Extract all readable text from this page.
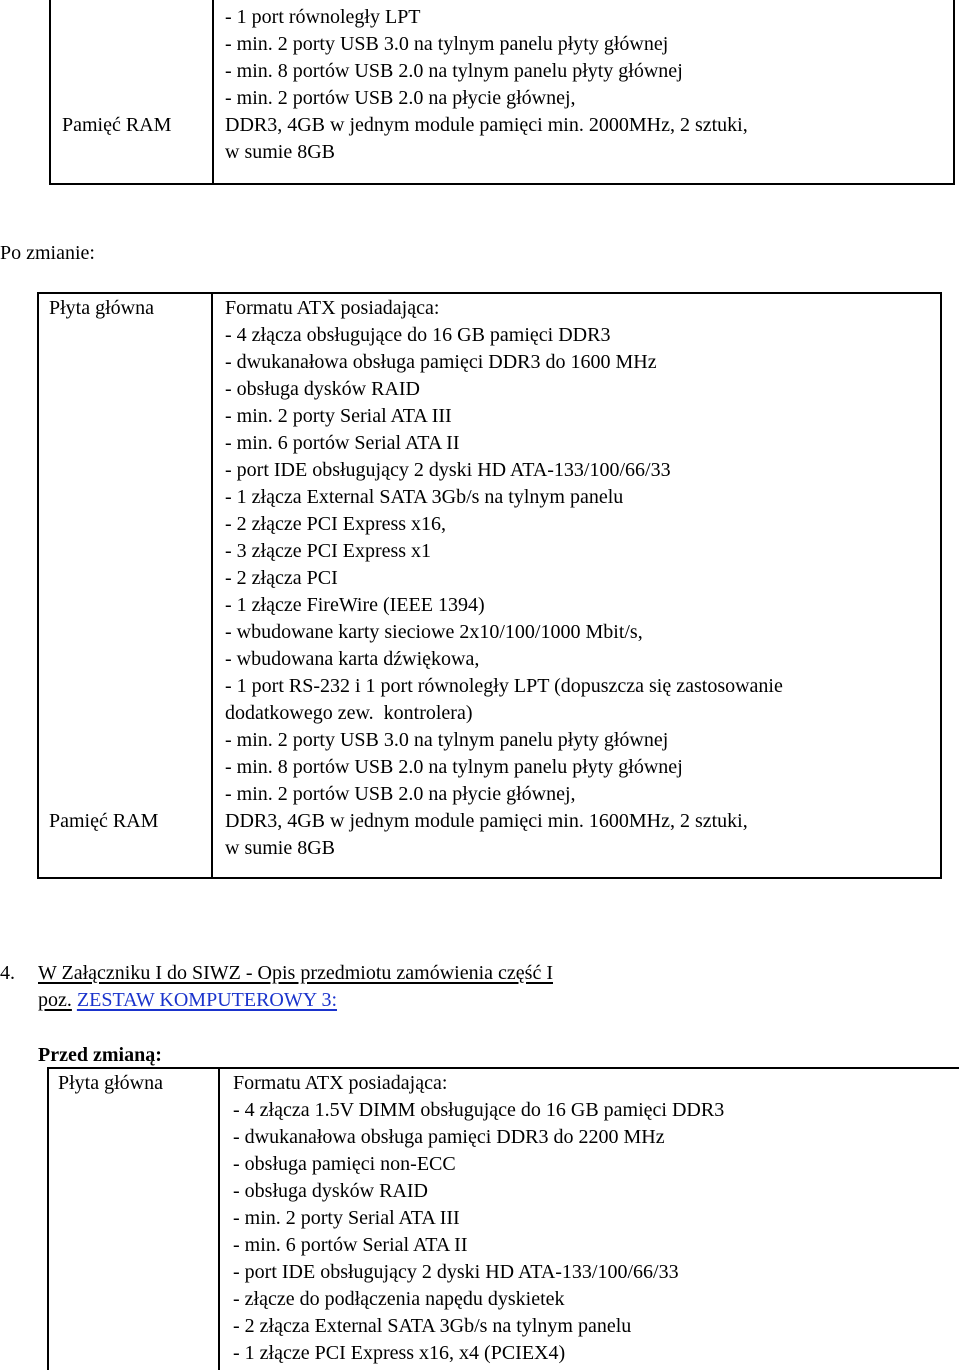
- 1 port równoległy LPT
- min. 2 porty USB 3.0 na tylnym panelu płyty głównej
- min. 8 portów USB 2.0 na tylnym panelu płyty głównej
- min. 2 portów USB 2.0 na płycie głównej,
DDR3, 4GB w jednym module pamięci min. 2000MHz, 2 sztuki,
w sumie 8GB
Pamięć RAM
Po zmianie:
Płyta główna	Formatu ATX posiadająca:
- 4 złącza obsługujące do 16 GB pamięci DDR3
- dwukanałowa obsługa pamięci DDR3 do 1600 MHz
- obsługa dysków RAID
- min. 2 porty Serial ATA III
- min. 6 portów Serial ATA II
- port IDE obsługujący 2 dyski HD ATA-133/100/66/33
- 1 złącza External SATA 3Gb/s na tylnym panelu
- 2 złącze PCI Express x16,
- 3 złącze PCI Express x1
- 2 złącza PCI
- 1 złącze FireWire (IEEE 1394)
- wbudowane karty sieciowe 2x10/100/1000 Mbit/s,
- wbudowana karta dźwiękowa,
- 1 port RS-232 i 1 port równoległy LPT (dopuszcza się zastosowanie
dodatkowego zew.  kontrolera)
- min. 2 porty USB 3.0 na tylnym panelu płyty głównej
- min. 8 portów USB 2.0 na tylnym panelu płyty głównej
- min. 2 portów USB 2.0 na płycie głównej,
DDR3, 4GB w jednym module pamięci min. 1600MHz, 2 sztuki,
w sumie 8GB
Pamięć RAM
4. W Załączniku I do SIWZ - Opis przedmiotu zamówienia część I
poz. ZESTAW KOMPUTEROWY 3:
Przed zmianą:
Płyta główna	Formatu ATX posiadająca:
- 4 złącza 1.5V DIMM obsługujące do 16 GB pamięci DDR3
- dwukanałowa obsługa pamięci DDR3 do 2200 MHz
- obsługa pamięci non-ECC
- obsługa dysków RAID
- min. 2 porty Serial ATA III
- min. 6 portów Serial ATA II
- port IDE obsługujący 2 dyski HD ATA-133/100/66/33
- złącze do podłączenia napędu dyskietek
- 2 złącza External SATA 3Gb/s na tylnym panelu
- 1 złącze PCI Express x16, x4 (PCIEX4)
